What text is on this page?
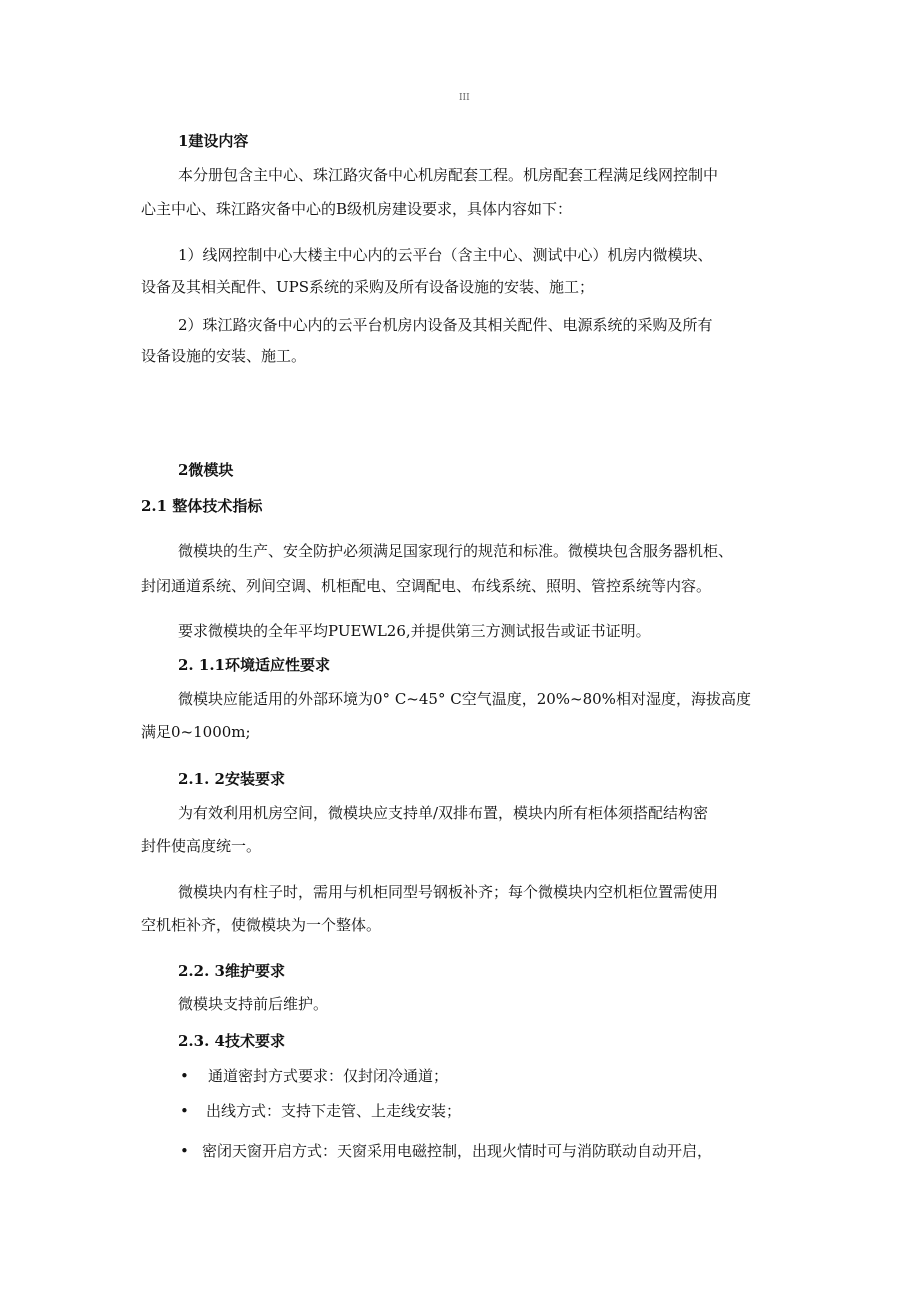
III
1建设内容
本分册包含主中心、珠江路灾备中心机房配套工程。机房配套工程满足线网控制中
心主中心、珠江路灾备中心的B级机房建设要求，具体内容如下：
1）线网控制中心大楼主中心内的云平台（含主中心、测试中心）机房内微模块、
设备及其相关配件、UPS系统的采购及所有设备设施的安装、施工；
2）珠江路灾备中心内的云平台机房内设备及其相关配件、电源系统的采购及所有
设备设施的安装、施工。
2微模块
2.1 整体技术指标
微模块的生产、安全防护必须满足国家现行的规范和标准。微模块包含服务器机柜、
封闭通道系统、列间空调、机柜配电、空调配电、布线系统、照明、管控系统等内容。
要求微模块的全年平均PUEWL26,并提供第三方测试报告或证书证明。
2. 1.1环境适应性要求
微模块应能适用的外部环境为0° C~45° C空气温度，20%~80%相对湿度，海拔高度
满足0~1000m;
2.1. 2安装要求
为有效利用机房空间，微模块应支持单/双排布置，模块内所有柜体须搭配结构密
封件使高度统一。
微模块内有柱子时，需用与机柜同型号钢板补齐；每个微模块内空机柜位置需使用
空机柜补齐，使微模块为一个整体。
2.2. 3维护要求
微模块支持前后维护。
2.3. 4技术要求
• 通道密封方式要求：仅封闭冷通道；
• 出线方式：支持下走管、上走线安装；
• 密闭天窗开启方式：天窗采用电磁控制，出现火情时可与消防联动自动开启，
